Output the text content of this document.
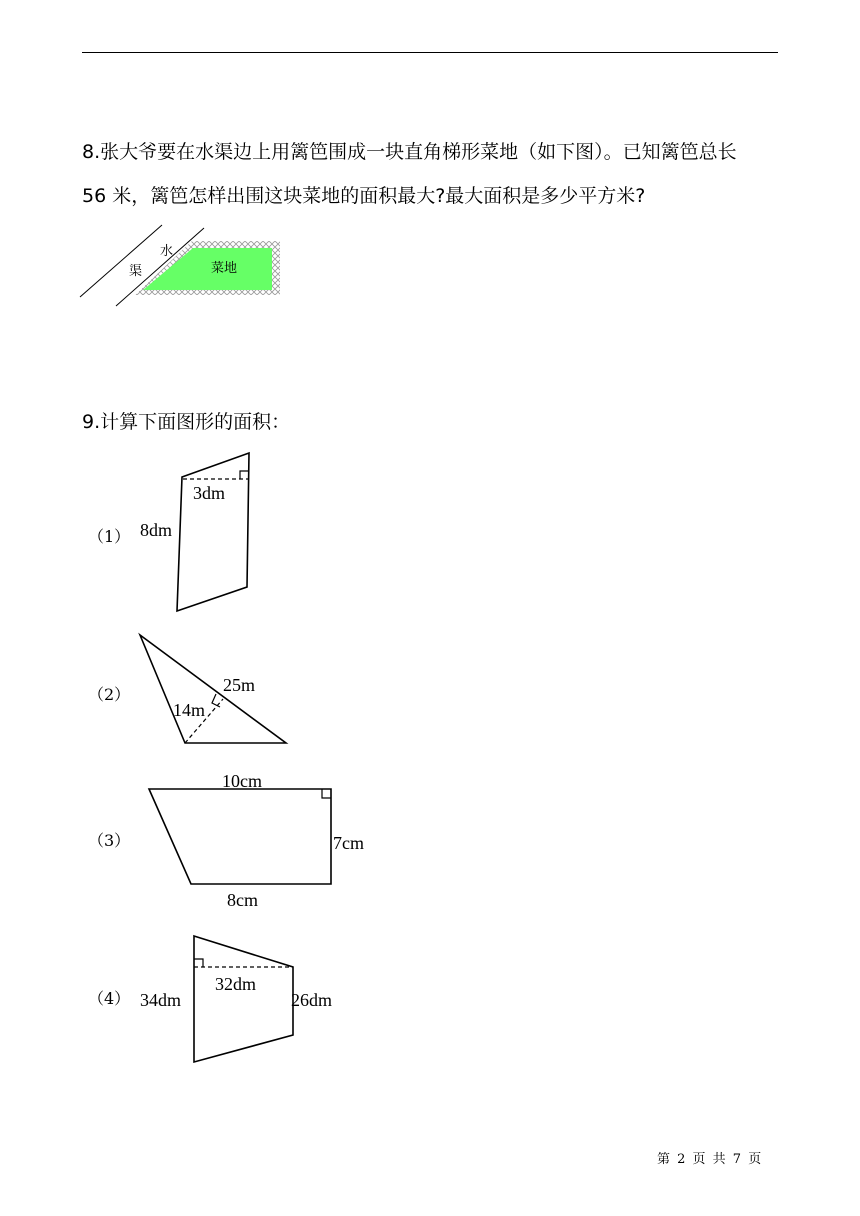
8.张大爷要在水渠边上用篱笆围成一块直角梯形菜地（如下图）。已知篱笆总长

56 米，篱笆怎样出围这块菜地的面积最大?最大面积是多少平方米?

水
渠	菜地

9.计算下面图形的面积：

（1） 8dm
3dm
（2）	25m
14m
（3）
10cm
7cm
8cm
（4） 34dm
32dm
26dm
第 2 页 共 7 页
